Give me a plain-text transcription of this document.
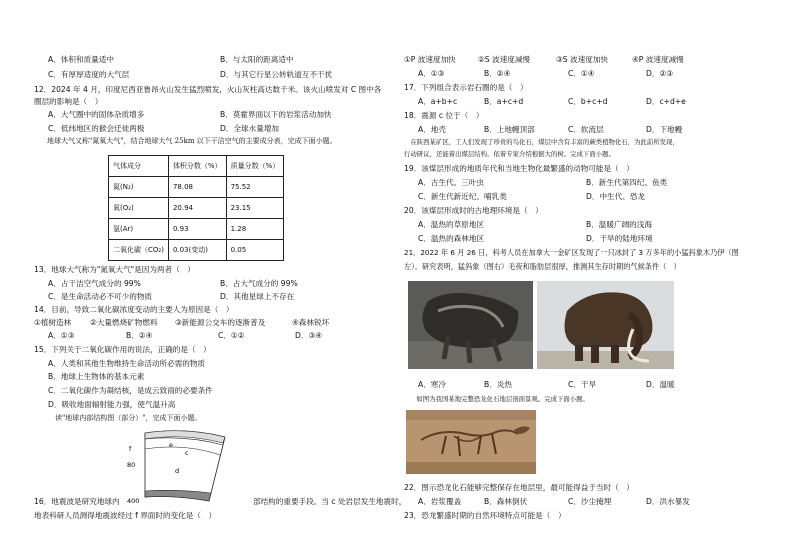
A．体积和质量适中	B．与太阳的距离适中
C．有厚厚适度的大气层	D．与其它行星公转轨道互不干扰
12．2024 年 4 月，印度尼西亚鲁昂火山发生猛烈喷发，火山灰柱高达数千米。该火山喷发对 C 图中各
圈层的影响是（　）
A．大气圈中的固体杂质增多	B．莫霍界面以下的岩浆活动加快
C．低纬地区的猴会迁徙两极	D．全球水量增加
　地球大气又称"氮氧大气"，结合地球大气 25km 以下干洁空气的主要成分表，完成下面小题。
气体成分	体积分数（%）	质量分数（%）
氮(N₂)	78.08	75.52
氧(O₂)	20.94	23.15
氩(Ar)	0.93	1.28
二氧化碳（CO₂)	0.03(变动)	0.05
13．地球大气称为"氮氧大气"是因为两者（　）
A．占干洁空气成分的 99%	B．占大气成分的 99%
C．是生命活动必不可少的物质	D．其他星球上不存在
14．目前，导致二氧化碳浓度变动的主要人为原因是（　）
①植树造林 ②大量燃烧矿物燃料 ③新能源公交车的逐渐普及	④森林锐坏
A．①③	B．②④	C．①②	D．③④
15．下列关于二氧化碳作用的说法，正确的是（　）
A．人类和其他生物维持生命活动所必需的物质
B．地球上生物体的基本元素
C．二氧化碳作为凝结核，是成云致雨的必要条件
D．吸收地面辐射能力强，使气温升高
　读"地球内部结构图（部分）"，完成下面小题。
f
80
400
e
c
d
16．地震波是研究地球内	部结构的重要手段。当 c 处岩层发生地震时，
地表科研人员测得地震波经过 f 界面时的变化是（　）
①P 波速度加快	②S 波速度减慢	③S 波速度加快	④P 波速度减慢
A．①③	B．②④	C．①④	D．②③
17．下列组合表示岩石圈的是（　）
A．a+b+c	B．a+c+d	C．b+c+d	D．c+d+e
18．震源 c 位于（　）
A．地壳	B．上地幔顶部	C．软流层	D．下地幔
　在陕西某矿区，工人们发现了珍贵的鸟化石，煤层中含有丰富的蕨类植物化石，为此前所发现，
行动研议，还能着出煤层结构。依着专家介绍根据大的树。完成下面小题。
19．该煤层形成的地质年代和当地生物化最繁盛的动物可能是（　）
A．古生代、三叶虫	B．新生代第四纪、鱼类
C．新生代新近纪、哺乳类	D．中生代、恐龙
20．该煤层形成时的古地理环境是（　）
A．温热的草原地区	B．温暖广阔的浅海
C．温热的森林地区	D．干旱的陆地环境
21．2022 年 6 月 26 日，科考人员在加拿大一金矿区发现了一只冰封了 3 万多年的小猛犸象木乃伊（图
左）。研究表明，猛犸象（图右）毛夜和脂肪层很厚，推测其生存时期的气候条件（　）
A．寒冷	B．炎热	C．干旱	D．温暖
　如图为我国某地完整恐龙化石地层剖面景观。完成下面小题。
22．图示恐龙化石能够完整保存在地层里，最可能得益于当时（　）
A．岩浆覆盖	B．森林倒伏	C．沙尘掩埋	D．洪水暴发
23．恐龙繁盛时期的自然环境特点可能是（　）
